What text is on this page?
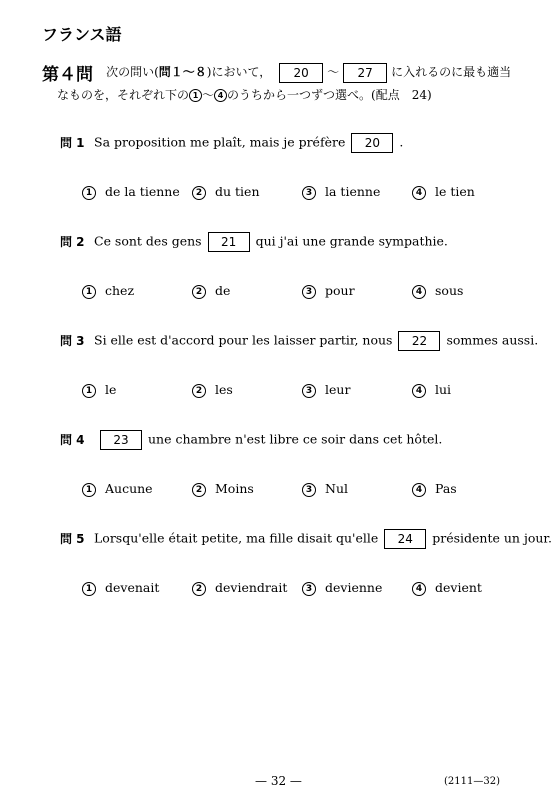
フランス語
第４問 次の問い(問１～８)において， 20 ～ 27 に入れるのに最も適当
なものを，それぞれ下の 1 ～ 4 のうちから一つずつ選べ。(配点　24)
問 1 Sa proposition me plaît, mais je préfère 20 .
1 de la tienne	2 du tien	3 la tienne	4 le tien
問 2 Ce sont des gens 21 qui j'ai une grande sympathie.
1 chez	2 de	3 pour	4 sous
問 3 Si elle est d'accord pour les laisser partir, nous 22 sommes aussi.
1 le	2 les	3 leur	4 lui
問 4 23 une chambre n'est libre ce soir dans cet hôtel.
1 Aucune	2 Moins	3 Nul	4 Pas
問 5 Lorsqu'elle était petite, ma fille disait qu'elle 24 présidente un jour.
1 devenait	2 deviendrait	3 devienne	4 devient
— 32 —	(2111—32)
